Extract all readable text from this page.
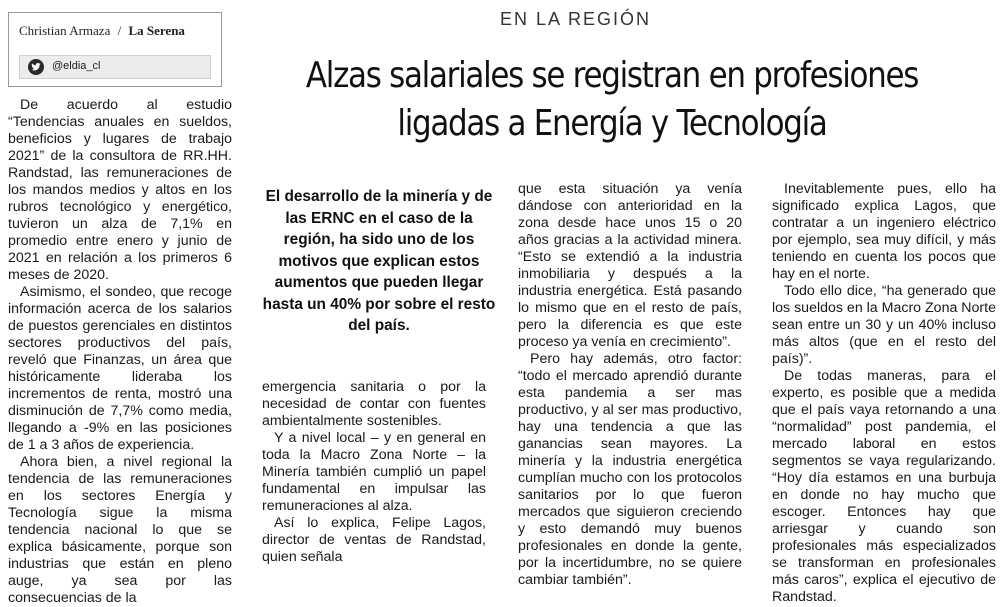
Christian Armaza / La Serena
@eldia_cl
EN LA REGIÓN
Alzas salariales se registran en profesiones
ligadas a Energía y Tecnología

De acuerdo al estudio “Tendencias anuales en sueldos, beneficios y lugares de trabajo 2021” de la consultora de RR.HH. Randstad, las remuneraciones de los mandos medios y altos en los rubros tecnológico y energético, tuvieron un alza de 7,1% en promedio entre enero y junio de 2021 en relación a los primeros 6 meses de 2020.

Asimismo, el sondeo, que recoge información acerca de los salarios de puestos gerenciales en distintos sectores productivos del país, reveló que Finanzas, un área que históricamente lideraba los incrementos de renta, mostró una disminución de 7,7% como media, llegando a -9% en las posiciones de 1 a 3 años de experiencia.

Ahora bien, a nivel regional la tendencia de las remuneraciones en los sectores Energía y Tecnología sigue la misma tendencia nacional lo que se explica básicamente, porque son industrias que están en pleno auge, ya sea por las consecuencias de la

El desarrollo de la minería y de las ERNC en el caso de la región, ha sido uno de los motivos que explican estos aumentos que pueden llegar hasta un 40% por sobre el resto del país.

emergencia sanitaria o por la necesidad de contar con fuentes ambientalmente sostenibles.

Y a nivel local – y en general en toda la Macro Zona Norte – la Minería también cumplió un papel fundamental en impulsar las remuneraciones al alza.

Así lo explica, Felipe Lagos, director de ventas de Randstad, quien señala

que esta situación ya venía dándose con anterioridad en la zona desde hace unos 15 o 20 años gracias a la actividad minera. “Esto se extendió a la industria inmobiliaria y después a la industria energética. Está pasando lo mismo que en el resto de país, pero la diferencia es que este proceso ya venía en crecimiento”.

Pero hay además, otro factor: “todo el mercado aprendió durante esta pandemia a ser mas productivo, y al ser mas productivo, hay una tendencia a que las ganancias sean mayores. La minería y la industria energética cumplían mucho con los protocolos sanitarios por lo que fueron mercados que siguieron creciendo y esto demandó muy buenos profesionales en donde la gente, por la incertidumbre, no se quiere cambiar también”.

Inevitablemente pues, ello ha significado explica Lagos, que contratar a un ingeniero eléctrico por ejemplo, sea muy difícil, y más teniendo en cuenta los pocos que hay en el norte.

Todo ello dice, “ha generado que los sueldos en la Macro Zona Norte sean entre un 30 y un 40% incluso más altos (que en el resto del país)”.

De todas maneras, para el experto, es posible que a medida que el país vaya retornando a una “normalidad” post pandemia, el mercado laboral en estos segmentos se vaya regularizando. “Hoy día estamos en una burbuja en donde no hay mucho que escoger. Entonces hay que arriesgar y cuando son profesionales más especializados se transforman en profesionales más caros”, explica el ejecutivo de Randstad.
